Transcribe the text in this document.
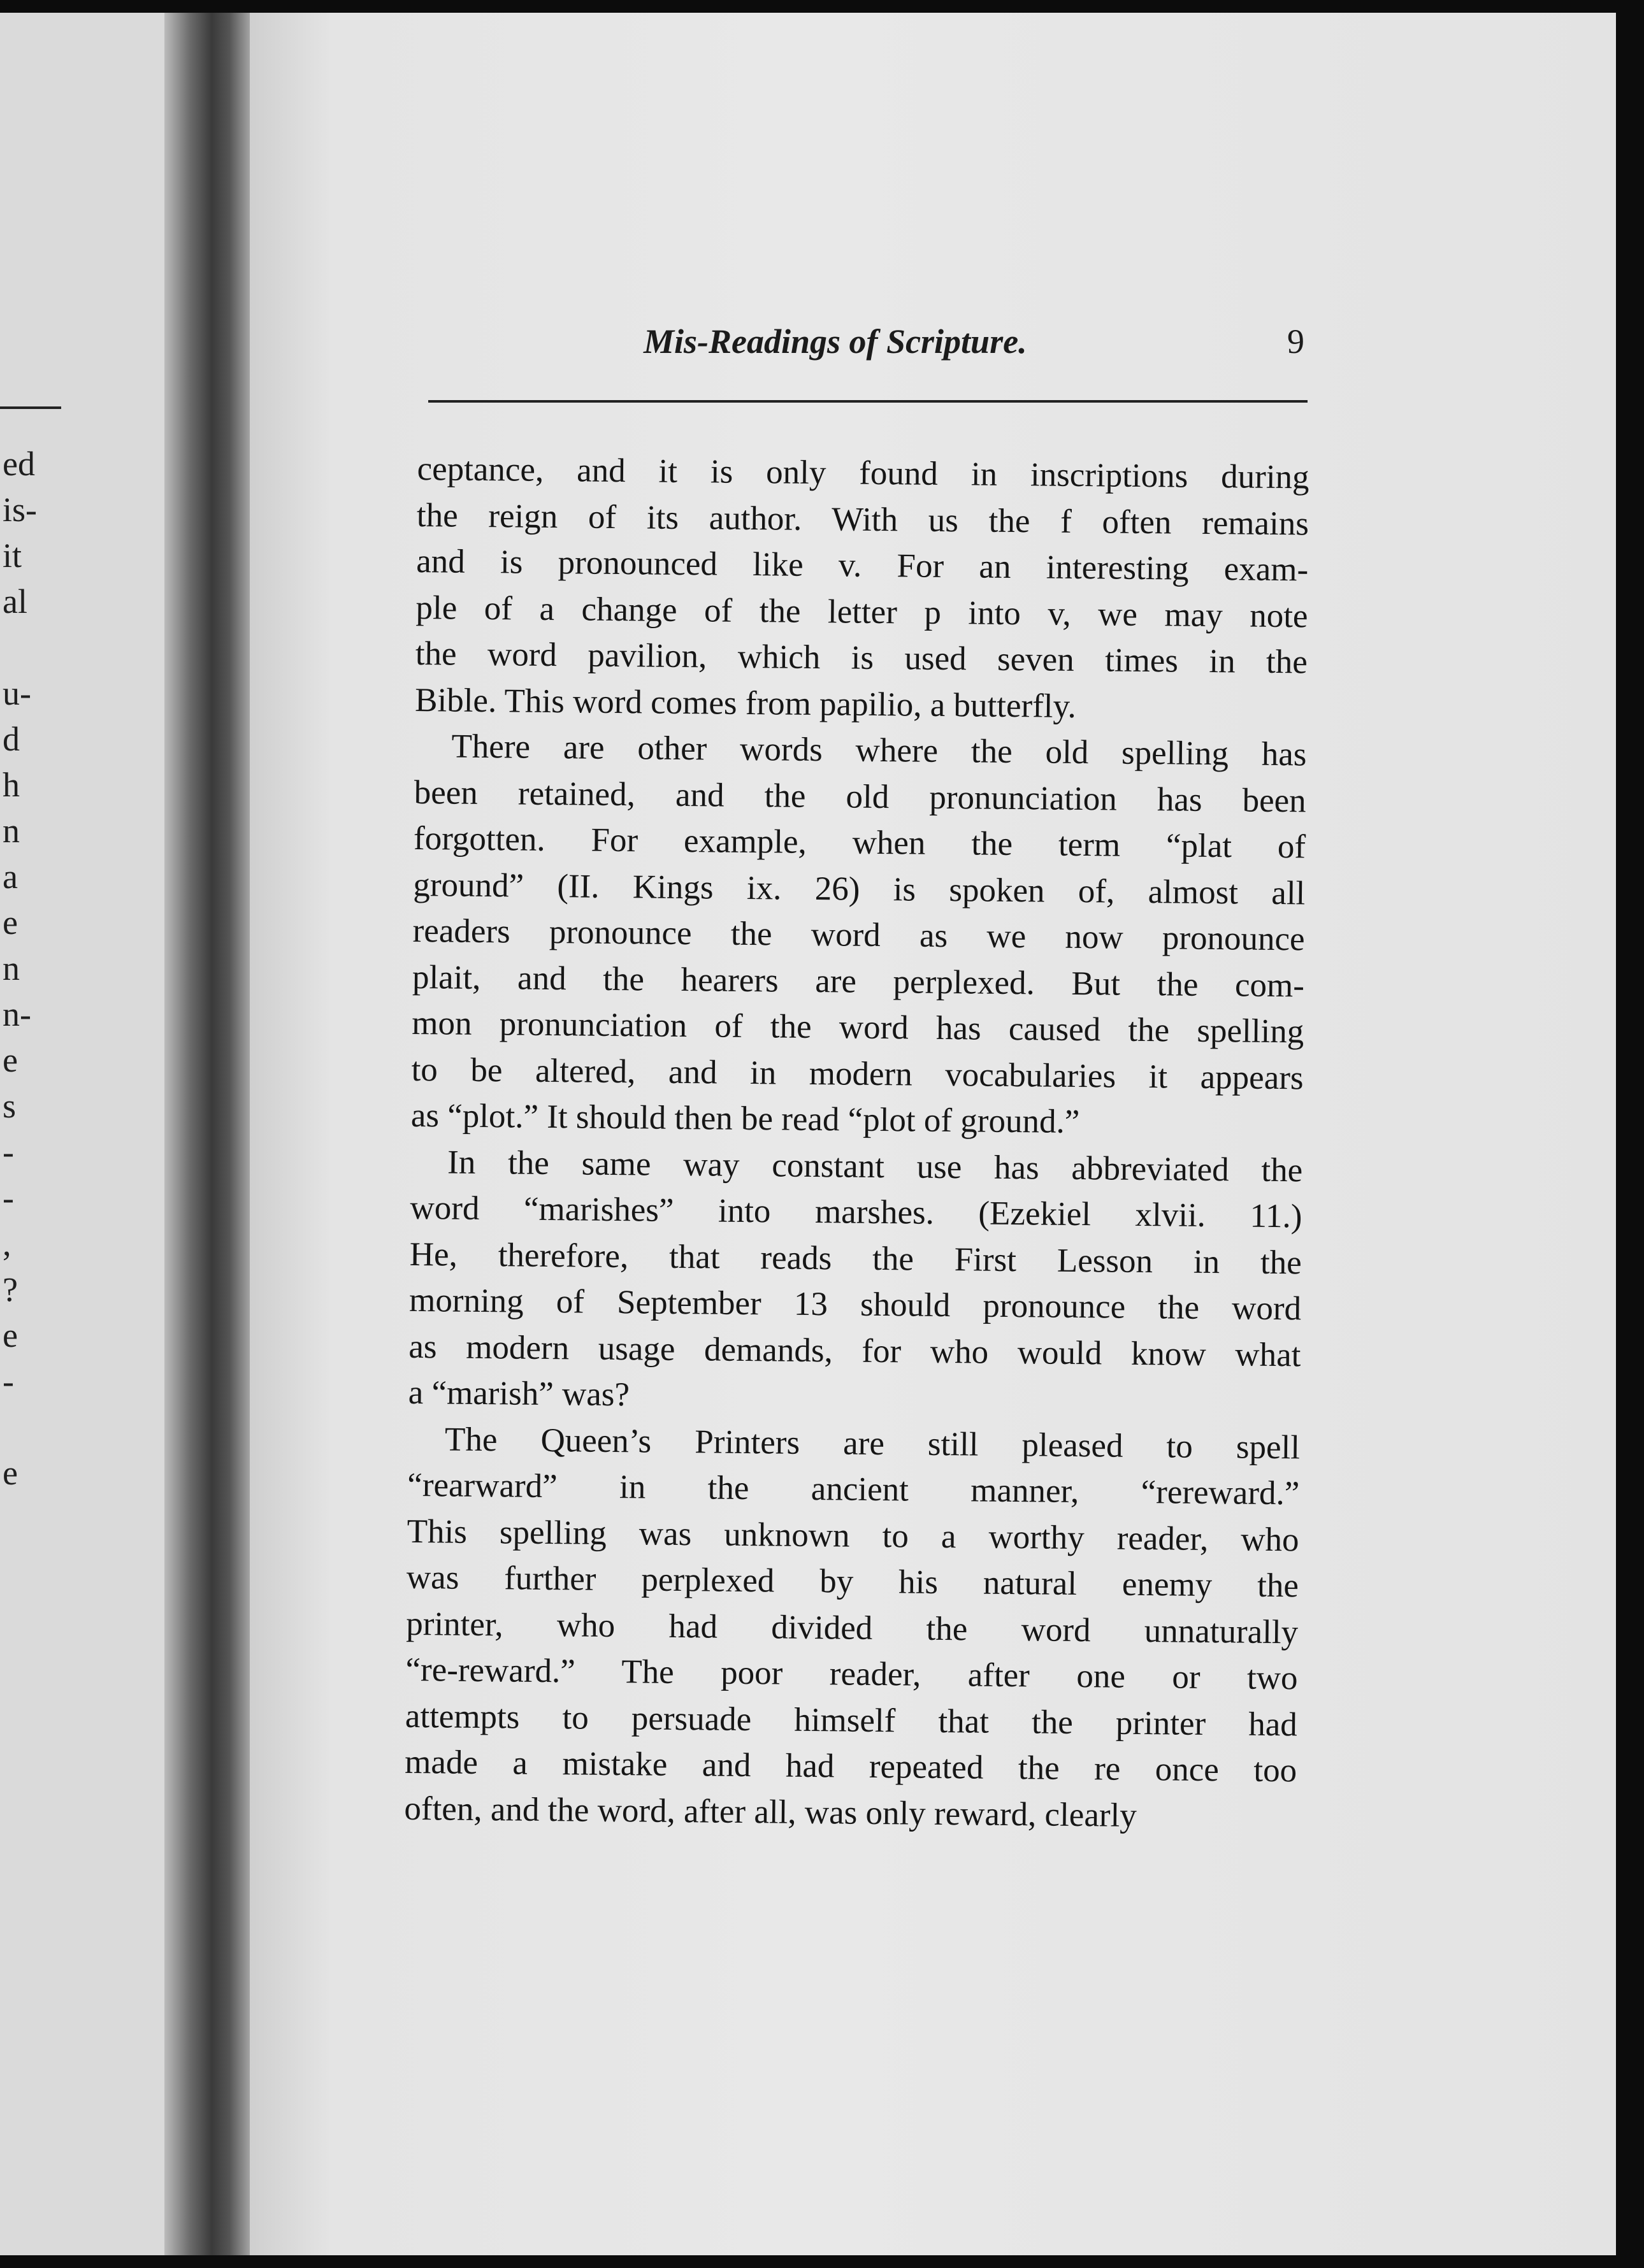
ed
is-
it
al
u-
d
h
n
a
e
n
n-
e
s
-
-
,
?
e
-
e
Mis-Readings of Scripture.	9

ceptance, and it is only found in inscriptions during

the reign of its author. With us the f often remains

and is pronounced like v. For an interesting exam-

ple of a change of the letter p into v, we may note

the word pavilion, which is used seven times in the

Bible. This word comes from papilio, a butterfly.

There are other words where the old spelling has

been retained, and the old pronunciation has been

forgotten. For example, when the term “plat of

ground” (II. Kings ix. 26) is spoken of, almost all

readers pronounce the word as we now pronounce

plait, and the hearers are perplexed. But the com-

mon pronunciation of the word has caused the spelling

to be altered, and in modern vocabularies it appears

as “plot.” It should then be read “plot of ground.”

In the same way constant use has abbreviated the

word “marishes” into marshes. (Ezekiel xlvii. 11.)

He, therefore, that reads the First Lesson in the

morning of September 13 should pronounce the word

as modern usage demands, for who would know what

a “marish” was?

The Queen’s Printers are still pleased to spell

“rearward” in the ancient manner, “rereward.”

This spelling was unknown to a worthy reader, who

was further perplexed by his natural enemy the

printer, who had divided the word unnaturally

“re-reward.” The poor reader, after one or two

attempts to persuade himself that the printer had

made a mistake and had repeated the re once too

often, and the word, after all, was only reward, clearly
